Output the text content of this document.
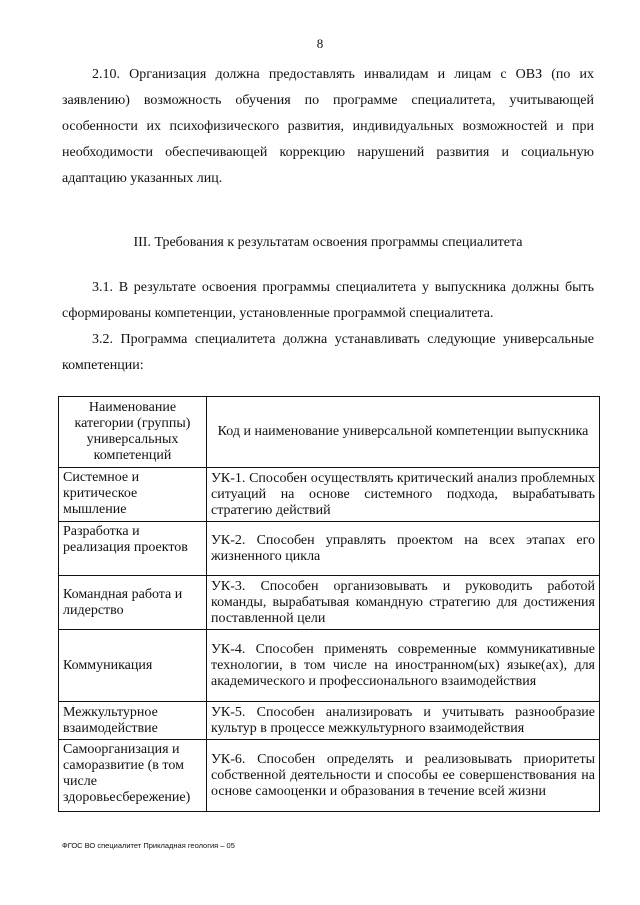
8

2.10. Организация должна предоставлять инвалидам и лицам с ОВЗ (по их заявлению) возможность обучения по программе специалитета, учитывающей особенности их психофизического развития, индивидуальных возможностей и при необходимости обеспечивающей коррекцию нарушений развития и социальную адаптацию указанных лиц.

III. Требования к результатам освоения программы специалитета

3.1. В результате освоения программы специалитета у выпускника должны быть сформированы компетенции, установленные программой специалитета.

3.2. Программа специалитета должна устанавливать следующие универсальные компетенции:

Наименование категории (группы) универсальных компетенций	Код и наименование универсальной компетенции выпускника
Системное и критическое мышление	УК-1. Способен осуществлять критический анализ проблемных ситуаций на основе системного подхода, вырабатывать стратегию действий
Разработка и реализация проектов	УК-2. Способен управлять проектом на всех этапах его жизненного цикла
Командная работа и лидерство	УК-3. Способен организовывать и руководить работой команды, вырабатывая командную стратегию для достижения поставленной цели
Коммуникация	УК-4. Способен применять современные коммуникативные технологии, в том числе на иностранном(ых) языке(ах), для академического и профессионального взаимодействия
Межкультурное взаимодействие	УК-5. Способен анализировать и учитывать разнообразие культур в процессе межкультурного взаимодействия
Самоорганизация и саморазвитие (в том числе здоровьесбережение)	УК-6. Способен определять и реализовывать приоритеты собственной деятельности и способы ее совершенствования на основе самооценки и образования в течение всей жизни
ФГОС ВО специалитет Прикладная геология – 05
